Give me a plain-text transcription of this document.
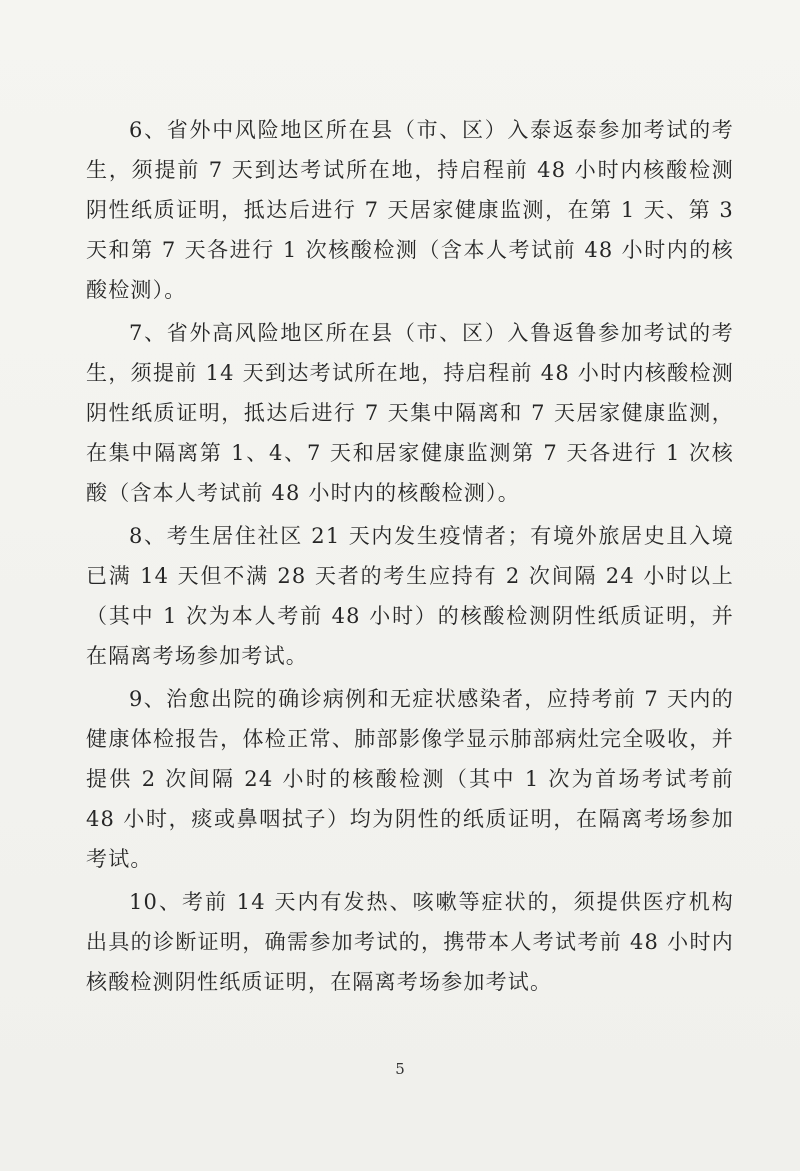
6、省外中风险地区所在县（市、区）入泰返泰参加考试的考生，须提前 7 天到达考试所在地，持启程前 48 小时内核酸检测阴性纸质证明，抵达后进行 7 天居家健康监测，在第 1 天、第 3 天和第 7 天各进行 1 次核酸检测（含本人考试前 48 小时内的核酸检测）。

7、省外高风险地区所在县（市、区）入鲁返鲁参加考试的考生，须提前 14 天到达考试所在地，持启程前 48 小时内核酸检测阴性纸质证明，抵达后进行 7 天集中隔离和 7 天居家健康监测，在集中隔离第 1、4、7 天和居家健康监测第 7 天各进行 1 次核酸（含本人考试前 48 小时内的核酸检测）。

8、考生居住社区 21 天内发生疫情者；有境外旅居史且入境已满 14 天但不满 28 天者的考生应持有 2 次间隔 24 小时以上（其中 1 次为本人考前 48 小时）的核酸检测阴性纸质证明，并在隔离考场参加考试。

9、治愈出院的确诊病例和无症状感染者，应持考前 7 天内的健康体检报告，体检正常、肺部影像学显示肺部病灶完全吸收，并提供 2 次间隔 24 小时的核酸检测（其中 1 次为首场考试考前 48 小时，痰或鼻咽拭子）均为阴性的纸质证明，在隔离考场参加考试。

10、考前 14 天内有发热、咳嗽等症状的，须提供医疗机构出具的诊断证明，确需参加考试的，携带本人考试考前 48 小时内核酸检测阴性纸质证明，在隔离考场参加考试。

5
